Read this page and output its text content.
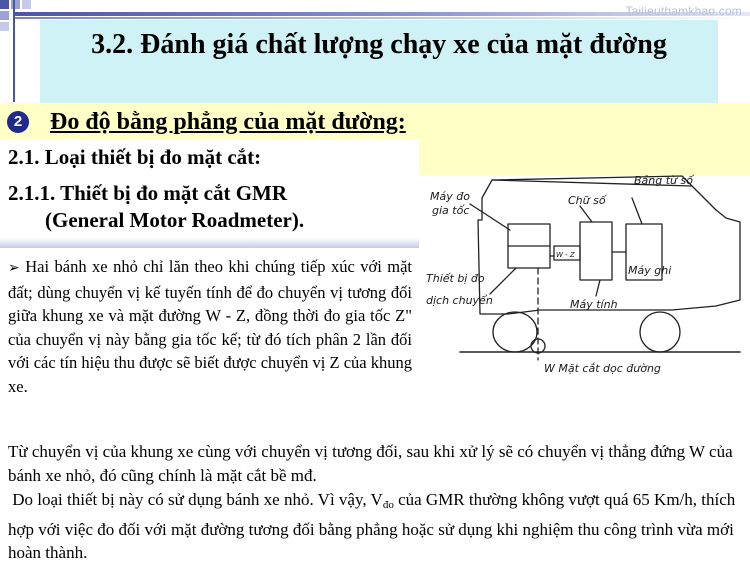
Tailieuthamkhao.com
3.2. Đánh giá chất lượng chạy xe của mặt đường
2 Đo độ bằng phẳng của mặt đường:
2.1. Loại thiết bị đo mặt cắt:
2.1.1. Thiết bị đo mặt cắt GMR
(General Motor Roadmeter).
➢ Hai bánh xe nhỏ chỉ lăn theo khi chúng tiếp xúc với mặt đất; dùng chuyển vị kế tuyến tính để đo chuyển vị tương đối giữa khung xe và mặt đường W - Z, đồng thời đo gia tốc Z" của chuyển vị này bằng gia tốc kế; từ đó tích phân 2 lần đối với các tín hiệu thu được sẽ biết được chuyển vị Z của khung xe.
Máy đo
gia tốc
Chữ số
Bảng từ số
Máy ghi
W - Z
Thiết bị đo
dịch chuyển	Máy tính
W Mặt cắt dọc đường

Từ chuyển vị của khung xe cùng với chuyển vị tương đối, sau khi xử lý sẽ có chuyển vị thẳng đứng W của bánh xe nhỏ, đó cũng chính là mặt cắt bề mđ.

Do loại thiết bị này có sử dụng bánh xe nhỏ. Vì vậy, $V_{đo}$ của GMR thường không vượt quá 65 Km/h, thích hợp với việc đo đối với mặt đường tương đối bằng phẳng hoặc sử dụng khi nghiệm thu công trình vừa mới hoàn thành.
